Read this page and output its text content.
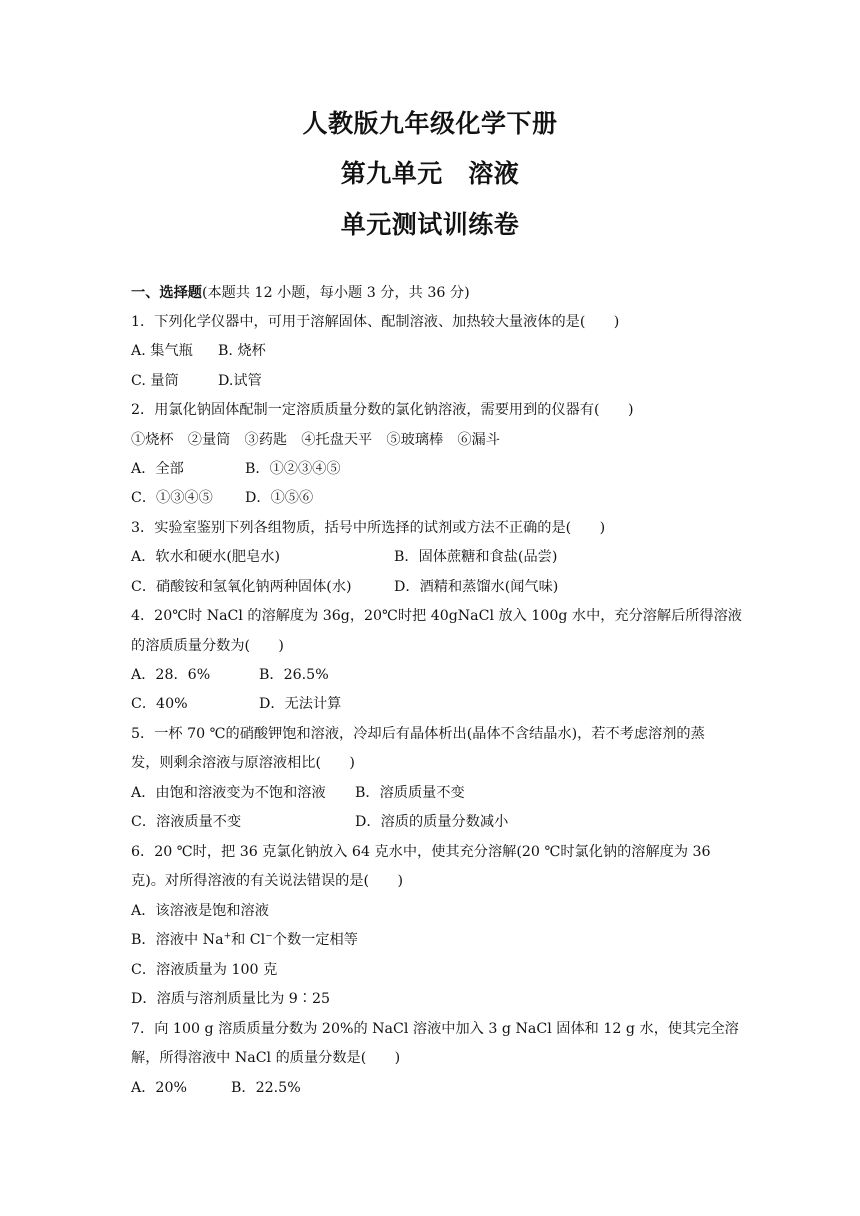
人教版九年级化学下册
第九单元　溶液
单元测试训练卷

一、选择题(本题共 12 小题，每小题 3 分，共 36 分)

1．下列化学仪器中，可用于溶解固体、配制溶液、加热较大量液体的是(　　)

A. 集气瓶 B. 烧杯

C. 量筒	D.试管

2．用氯化钠固体配制一定溶质质量分数的氯化钠溶液，需要用到的仪器有(　　)

①烧杯　②量筒　③药匙　④托盘天平　⑤玻璃棒　⑥漏斗

A．全部	B．①②③④⑤

C．①③④⑤ D．①⑤⑥

3．实验室鉴别下列各组物质，括号中所选择的试剂或方法不正确的是(　　)

A．软水和硬水(肥皂水)	B．固体蔗糖和食盐(品尝)

C．硝酸铵和氢氧化钠两种固体(水)	D．酒精和蒸馏水(闻气味)

4．20℃时 NaCl 的溶解度为 36g，20℃时把 40gNaCl 放入 100g 水中，充分溶解后所得溶液

的溶质质量分数为(　　)

A．28．6%	B．26.5%

C．40%	D．无法计算

5．一杯 70 ℃的硝酸钾饱和溶液，冷却后有晶体析出(晶体不含结晶水)，若不考虑溶剂的蒸

发，则剩余溶液与原溶液相比(　　)

A．由饱和溶液变为不饱和溶液 B．溶质质量不变

C．溶液质量不变	D．溶质的质量分数减小

6．20 ℃时，把 36 克氯化钠放入 64 克水中，使其充分溶解(20 ℃时氯化钠的溶解度为 36

克)。对所得溶液的有关说法错误的是(　　)

A．该溶液是饱和溶液

B．溶液中 Na+和 Cl−个数一定相等

C．溶液质量为 100 克

D．溶质与溶剂质量比为 9∶25

7．向 100 g 溶质质量分数为 20%的 NaCl 溶液中加入 3 g NaCl 固体和 12 g 水，使其完全溶

解，所得溶液中 NaCl 的质量分数是(　　)

A．20%	B．22.5%
